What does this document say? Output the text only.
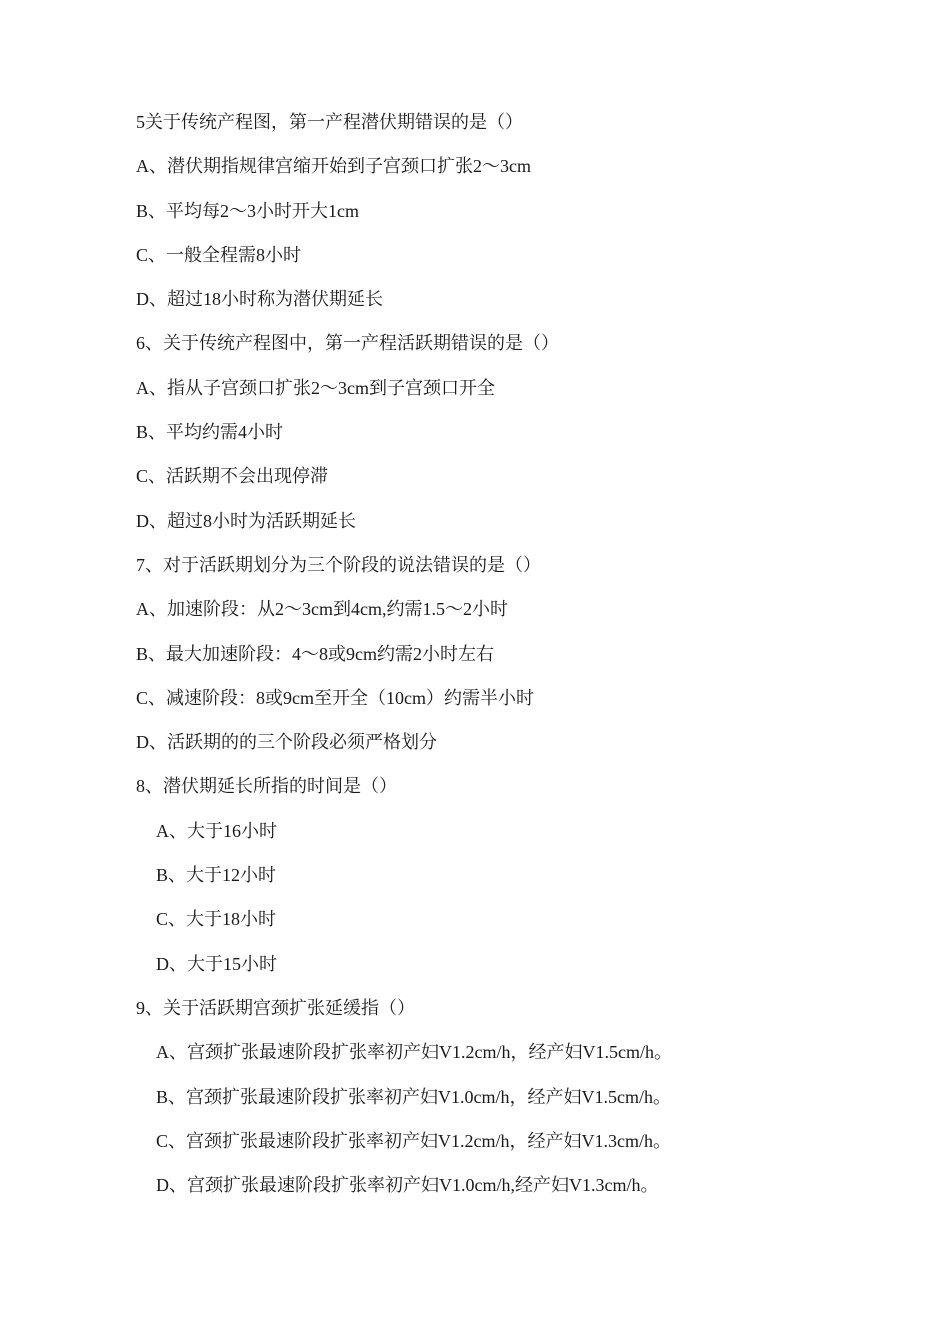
5关于传统产程图，第一产程潜伏期错误的是（）
A、潜伏期指规律宫缩开始到子宫颈口扩张2〜3cm
B、平均每2〜3小时开大1cm
C、一般全程需8小时
D、超过18小时称为潜伏期延长
6、关于传统产程图中，第一产程活跃期错误的是（）
A、指从子宫颈口扩张2〜3cm到子宫颈口开全
B、平均约需4小时
C、活跃期不会出现停滞
D、超过8小时为活跃期延长
7、对于活跃期划分为三个阶段的说法错误的是（）
A、加速阶段：从2〜3cm到4cm,约需1.5〜2小时
B、最大加速阶段：4〜8或9cm约需2小时左右
C、减速阶段：8或9cm至开全（10cm）约需半小时
D、活跃期的的三个阶段必须严格划分
8、潜伏期延长所指的时间是（）
A、大于16小时
B、大于12小时
C、大于18小时
D、大于15小时
9、关于活跃期宫颈扩张延缓指（）
A、宫颈扩张最速阶段扩张率初产妇V1.2cm/h，经产妇V1.5cm/h。
B、宫颈扩张最速阶段扩张率初产妇V1.0cm/h，经产妇V1.5cm/h。
C、宫颈扩张最速阶段扩张率初产妇V1.2cm/h，经产妇V1.3cm/h。
D、宫颈扩张最速阶段扩张率初产妇V1.0cm/h,经产妇V1.3cm/h。
